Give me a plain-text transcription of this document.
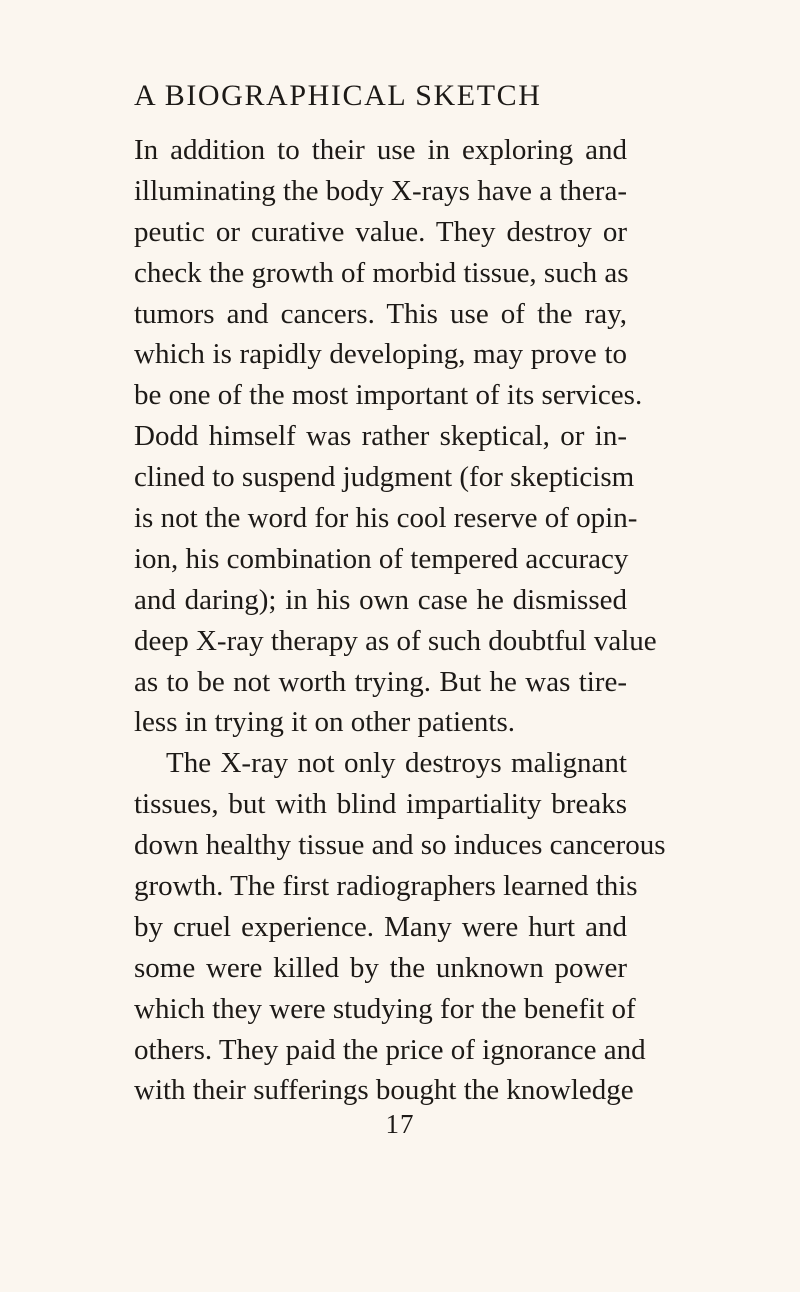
A BIOGRAPHICAL SKETCH
In addition to their use in exploring and
illuminating the body X-rays have a thera-
peutic or curative value. They destroy or
check the growth of morbid tissue, such as
tumors and cancers. This use of the ray,
which is rapidly developing, may prove to
be one of the most important of its services.
Dodd himself was rather skeptical, or in-
clined to suspend judgment (for skepticism
is not the word for his cool reserve of opin-
ion, his combination of tempered accuracy
and daring); in his own case he dismissed
deep X-ray therapy as of such doubtful value
as to be not worth trying. But he was tire-
less in trying it on other patients.
The X-ray not only destroys malignant
tissues, but with blind impartiality breaks
down healthy tissue and so induces cancerous
growth. The first radiographers learned this
by cruel experience. Many were hurt and
some were killed by the unknown power
which they were studying for the benefit of
others. They paid the price of ignorance and
with their sufferings bought the knowledge
17
